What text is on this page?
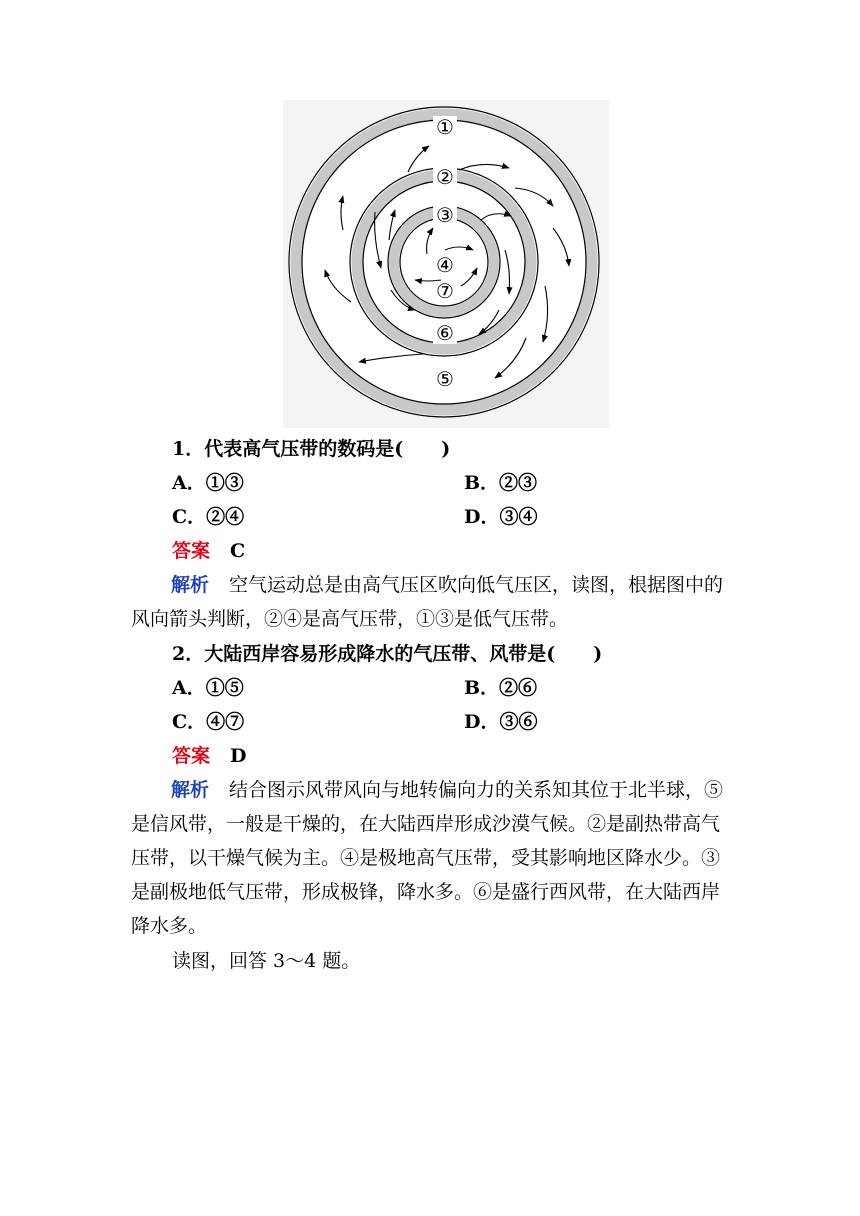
①
②
③
④
⑤
⑥
⑦
1．代表高气压带的数码是(　　)
A．①③	B．②③
C．②④	D．③④
答案 C
解析 空气运动总是由高气压区吹向低气压区，读图，根据图中的风向箭头判断，②④是高气压带，①③是低气压带。
2．大陆西岸容易形成降水的气压带、风带是(　　)
A．①⑤	B．②⑥
C．④⑦	D．③⑥
答案 D
解析 结合图示风带风向与地转偏向力的关系知其位于北半球，⑤是信风带，一般是干燥的，在大陆西岸形成沙漠气候。②是副热带高气压带，以干燥气候为主。④是极地高气压带，受其影响地区降水少。③是副极地低气压带，形成极锋，降水多。⑥是盛行西风带，在大陆西岸降水多。
读图，回答 3～4 题。
